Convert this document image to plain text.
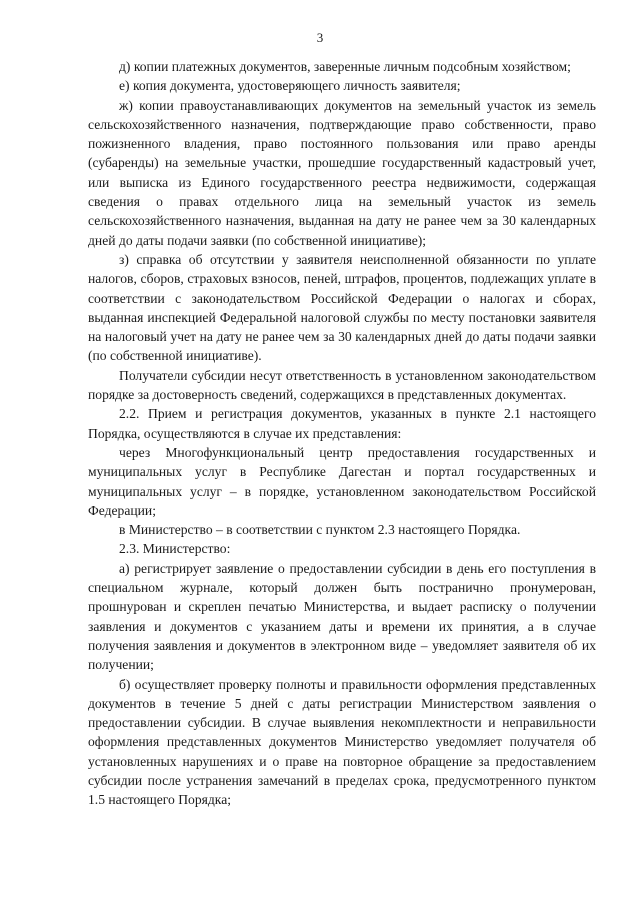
3

д) копии платежных документов, заверенные личным подсобным хозяйством;

е) копия документа, удостоверяющего личность заявителя;

ж) копии правоустанавливающих документов на земельный участок из земель сельскохозяйственного назначения, подтверждающие право собственности, право пожизненного владения, право постоянного пользования или право аренды (субаренды) на земельные участки, прошедшие государственный кадастровый учет, или выписка из Единого государственного реестра недвижимости, содержащая сведения о правах отдельного лица на земельный участок из земель сельскохозяйственного назначения, выданная на дату не ранее чем за 30 календарных дней до даты подачи заявки (по собственной инициативе);

з) справка об отсутствии у заявителя неисполненной обязанности по уплате налогов, сборов, страховых взносов, пеней, штрафов, процентов, подлежащих уплате в соответствии с законодательством Российской Федерации о налогах и сборах, выданная инспекцией Федеральной налоговой службы по месту постановки заявителя на налоговый учет на дату не ранее чем за 30 календарных дней до даты подачи заявки (по собственной инициативе).

Получатели субсидии несут ответственность в установленном законодательством порядке за достоверность сведений, содержащихся в представленных документах.

2.2. Прием и регистрация документов, указанных в пункте 2.1 настоящего Порядка, осуществляются в случае их представления:

через Многофункциональный центр предоставления государственных и муниципальных услуг в Республике Дагестан и портал государственных и муниципальных услуг – в порядке, установленном законодательством Российской Федерации;

в Министерство – в соответствии с пунктом 2.3 настоящего Порядка.

2.3. Министерство:

а) регистрирует заявление о предоставлении субсидии в день его поступления в специальном журнале, который должен быть постранично пронумерован, прошнурован и скреплен печатью Министерства, и выдает расписку о получении заявления и документов с указанием даты и времени их принятия, а в случае получения заявления и документов в электронном виде – уведомляет заявителя об их получении;

б) осуществляет проверку полноты и правильности оформления представленных документов в течение 5 дней с даты регистрации Министерством заявления о предоставлении субсидии. В случае выявления некомплектности и неправильности оформления представленных документов Министерство уведомляет получателя об установленных нарушениях и о праве на повторное обращение за предоставлением субсидии после устранения замечаний в пределах срока, предусмотренного пунктом 1.5 настоящего Порядка;
